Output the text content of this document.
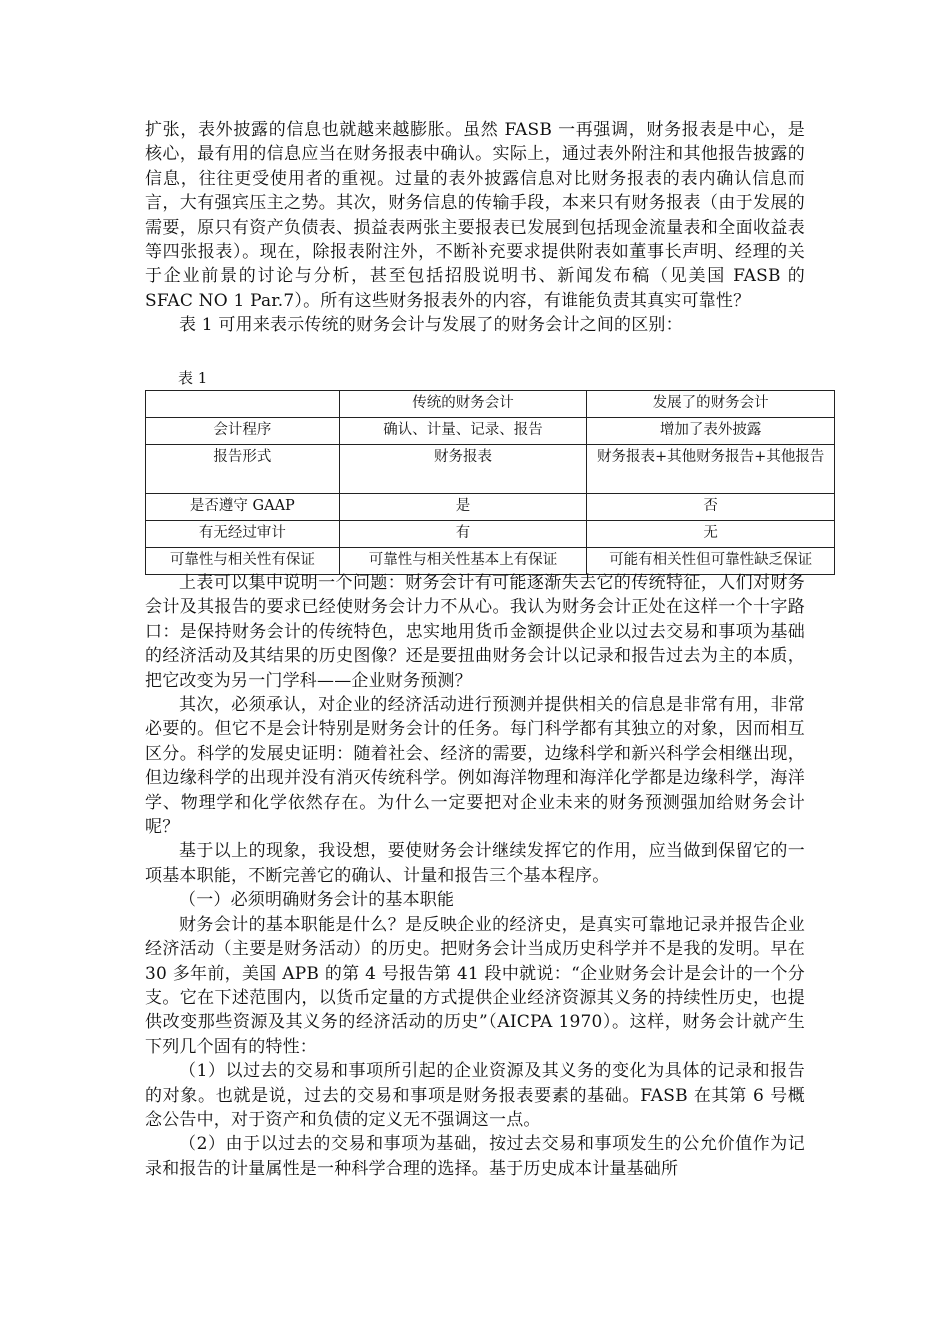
扩张，表外披露的信息也就越来越膨胀。虽然 FASB 一再强调，财务报表是中心，是核心，最有用的信息应当在财务报表中确认。实际上，通过表外附注和其他报告披露的信息，往往更受使用者的重视。过量的表外披露信息对比财务报表的表内确认信息而言，大有强宾压主之势。其次，财务信息的传输手段，本来只有财务报表（由于发展的需要，原只有资产负债表、损益表两张主要报表已发展到包括现金流量表和全面收益表等四张报表）。现在，除报表附注外，不断补充要求提供附表如董事长声明、经理的关于企业前景的讨论与分析，甚至包括招股说明书、新闻发布稿（见美国 FASB 的 SFAC NO 1 Par.7）。所有这些财务报表外的内容，有谁能负责其真实可靠性？

表 1 可用来表示传统的财务会计与发展了的财务会计之间的区别：

表 1
	传统的财务会计	发展了的财务会计
会计程序	确认、计量、记录、报告	增加了表外披露
报告形式	财务报表	财务报表+其他财务报告+其他报告
是否遵守 GAAP	是	否
有无经过审计	有	无
可靠性与相关性有保证	可靠性与相关性基本上有保证	可能有相关性但可靠性缺乏保证

上表可以集中说明一个问题：财务会计有可能逐渐失去它的传统特征，人们对财务会计及其报告的要求已经使财务会计力不从心。我认为财务会计正处在这样一个十字路口：是保持财务会计的传统特色，忠实地用货币金额提供企业以过去交易和事项为基础的经济活动及其结果的历史图像？还是要扭曲财务会计以记录和报告过去为主的本质，把它改变为另一门学科——企业财务预测？

其次，必须承认，对企业的经济活动进行预测并提供相关的信息是非常有用，非常必要的。但它不是会计特别是财务会计的任务。每门科学都有其独立的对象，因而相互区分。科学的发展史证明：随着社会、经济的需要，边缘科学和新兴科学会相继出现，但边缘科学的出现并没有消灭传统科学。例如海洋物理和海洋化学都是边缘科学，海洋学、物理学和化学依然存在。为什么一定要把对企业未来的财务预测强加给财务会计呢？

基于以上的现象，我设想，要使财务会计继续发挥它的作用，应当做到保留它的一项基本职能，不断完善它的确认、计量和报告三个基本程序。

（一）必须明确财务会计的基本职能

财务会计的基本职能是什么？是反映企业的经济史，是真实可靠地记录并报告企业经济活动（主要是财务活动）的历史。把财务会计当成历史科学并不是我的发明。早在 30 多年前，美国 APB 的第 4 号报告第 41 段中就说：“企业财务会计是会计的一个分支。它在下述范围内，以货币定量的方式提供企业经济资源其义务的持续性历史，也提供改变那些资源及其义务的经济活动的历史”（AICPA 1970）。这样，财务会计就产生下列几个固有的特性：

（1）以过去的交易和事项所引起的企业资源及其义务的变化为具体的记录和报告的对象。也就是说，过去的交易和事项是财务报表要素的基础。FASB 在其第 6 号概念公告中，对于资产和负债的定义无不强调这一点。

（2）由于以过去的交易和事项为基础，按过去交易和事项发生的公允价值作为记录和报告的计量属性是一种科学合理的选择。基于历史成本计量基础所
